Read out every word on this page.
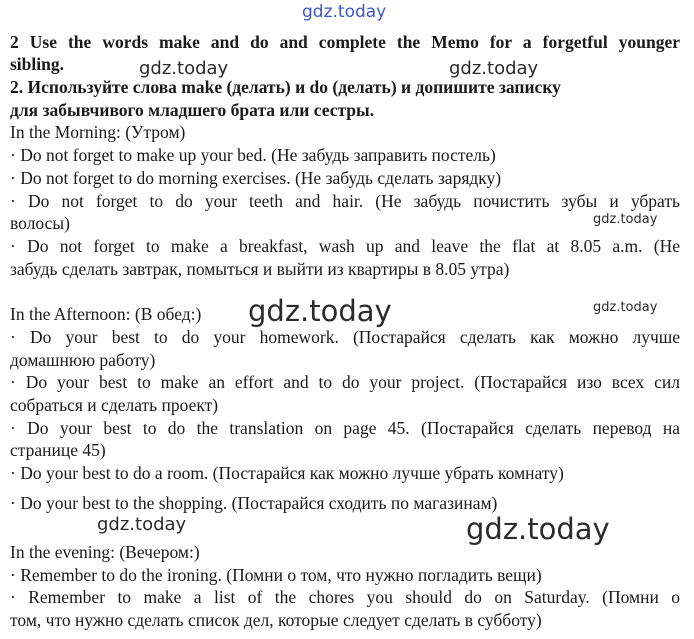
gdz.today
gdz.today	gdz.today
gdz.today
gdz.today	gdz.today
gdz.today	gdz.today
2 Use the words make and do and complete the Memo for a forgetful younger
sibling.
2. Используйте слова make (делать) и do (делать) и допишите записку
для забывчивого младшего брата или сестры.
In the Morning: (Утром)
· Do not forget to make up your bed. (Не забудь заправить постель)
· Do not forget to do morning exercises. (Не забудь сделать зарядку)
· Do not forget to do your teeth and hair. (Не забудь почистить зубы и убрать
волосы)
· Do not forget to make a breakfast, wash up and leave the flat at 8.05 a.m. (Не
забудь сделать завтрак, помыться и выйти из квартиры в 8.05 утра)
In the Afternoon: (В обед:)
· Do your best to do your homework. (Постарайся сделать как можно лучше
домашнюю работу)
· Do your best to make an effort and to do your project. (Постарайся изо всех сил
собраться и сделать проект)
· Do your best to do the translation on page 45. (Постарайся сделать перевод на
странице 45)
· Do your best to do a room. (Постарайся как можно лучше убрать комнату)
· Do your best to the shopping. (Постарайся сходить по магазинам)
In the evening: (Вечером:)
· Remember to do the ironing. (Помни о том, что нужно погладить вещи)
· Remember to make a list of the chores you should do on Saturday. (Помни о
том, что нужно сделать список дел, которые следует сделать в субботу)
